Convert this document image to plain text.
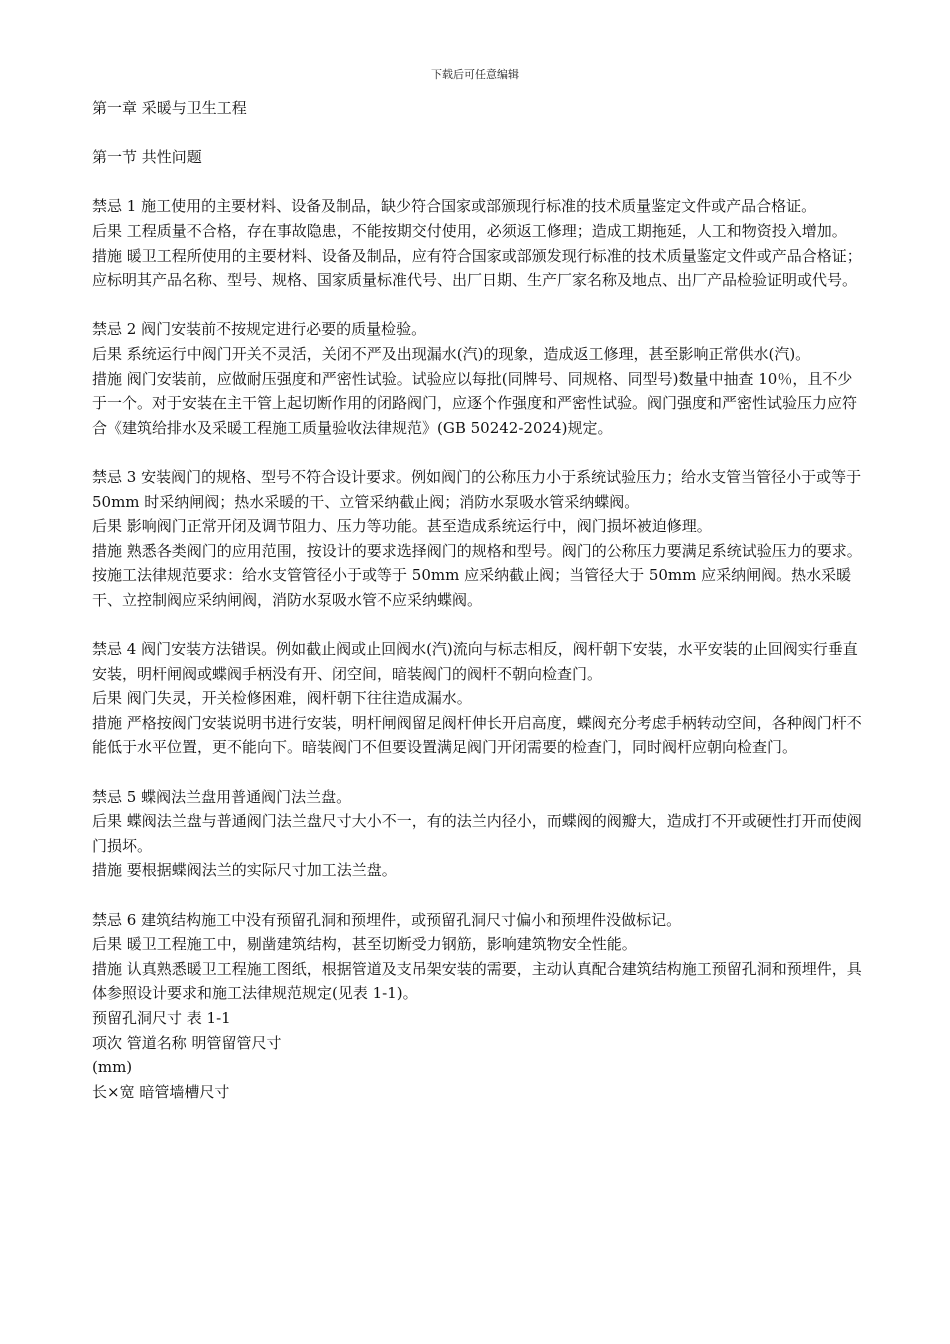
下载后可任意编辑

第一章 采暖与卫生工程

第一节 共性问题

禁忌 1 施工使用的主要材料、设备及制品，缺少符合国家或部颁现行标准的技术质量鉴定文件或产品合格证。

后果 工程质量不合格，存在事故隐患，不能按期交付使用，必须返工修理；造成工期拖延，人工和物资投入增加。

措施 暖卫工程所使用的主要材料、设备及制品，应有符合国家或部颁发现行标准的技术质量鉴定文件或产品合格证；应标明其产品名称、型号、规格、国家质量标准代号、出厂日期、生产厂家名称及地点、出厂产品检验证明或代号。

禁忌 2 阀门安装前不按规定进行必要的质量检验。

后果 系统运行中阀门开关不灵活，关闭不严及出现漏水(汽)的现象，造成返工修理，甚至影响正常供水(汽)。

措施 阀门安装前，应做耐压强度和严密性试验。试验应以每批(同牌号、同规格、同型号)数量中抽查 10％，且不少于一个。对于安装在主干管上起切断作用的闭路阀门，应逐个作强度和严密性试验。阀门强度和严密性试验压力应符合《建筑给排水及采暖工程施工质量验收法律规范》(GB 50242-2024)规定。

禁忌 3 安装阀门的规格、型号不符合设计要求。例如阀门的公称压力小于系统试验压力；给水支管当管径小于或等于 50mm 时采纳闸阀；热水采暖的干、立管采纳截止阀；消防水泵吸水管采纳蝶阀。

后果 影响阀门正常开闭及调节阻力、压力等功能。甚至造成系统运行中，阀门损坏被迫修理。

措施 熟悉各类阀门的应用范围，按设计的要求选择阀门的规格和型号。阀门的公称压力要满足系统试验压力的要求。按施工法律规范要求：给水支管管径小于或等于 50mm 应采纳截止阀；当管径大于 50mm 应采纳闸阀。热水采暖干、立控制阀应采纳闸阀，消防水泵吸水管不应采纳蝶阀。

禁忌 4 阀门安装方法错误。例如截止阀或止回阀水(汽)流向与标志相反，阀杆朝下安装，水平安装的止回阀实行垂直安装，明杆闸阀或蝶阀手柄没有开、闭空间，暗装阀门的阀杆不朝向检查门。

后果 阀门失灵，开关检修困难，阀杆朝下往往造成漏水。

措施 严格按阀门安装说明书进行安装，明杆闸阀留足阀杆伸长开启高度，蝶阀充分考虑手柄转动空间，各种阀门杆不能低于水平位置，更不能向下。暗装阀门不但要设置满足阀门开闭需要的检查门，同时阀杆应朝向检查门。

禁忌 5 蝶阀法兰盘用普通阀门法兰盘。

后果 蝶阀法兰盘与普通阀门法兰盘尺寸大小不一，有的法兰内径小，而蝶阀的阀瓣大，造成打不开或硬性打开而使阀门损坏。

措施 要根据蝶阀法兰的实际尺寸加工法兰盘。

禁忌 6 建筑结构施工中没有预留孔洞和预埋件，或预留孔洞尺寸偏小和预埋件没做标记。

后果 暖卫工程施工中，剔凿建筑结构，甚至切断受力钢筋，影响建筑物安全性能。

措施 认真熟悉暖卫工程施工图纸，根据管道及支吊架安装的需要，主动认真配合建筑结构施工预留孔洞和预埋件，具体参照设计要求和施工法律规范规定(见表 1-1)。

预留孔洞尺寸 表 1-1

项次 管道名称 明管留管尺寸

(mm)

长×宽 暗管墙槽尺寸
